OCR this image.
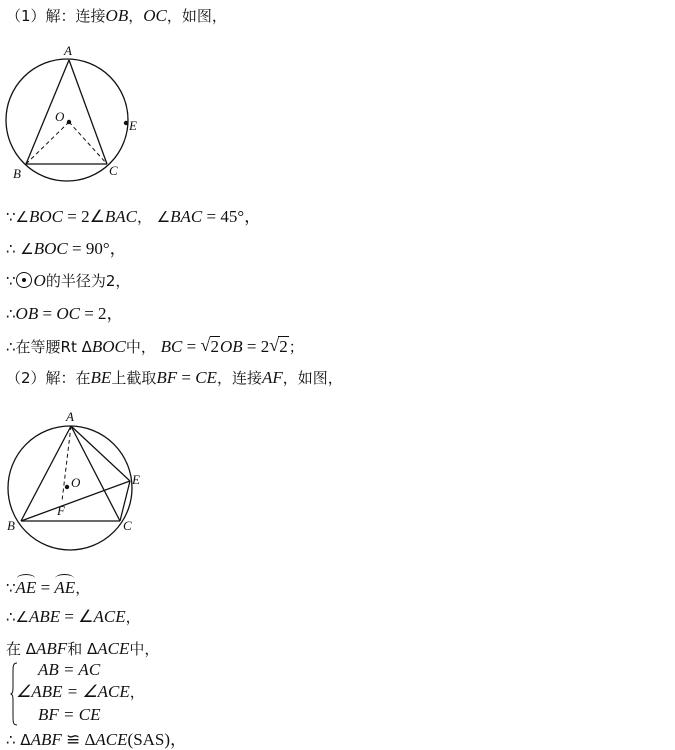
（1）解：连接OB，OC，如图，
A
O
E
B	C
∵∠BOC = 2∠BAC， ∠BAC = 45°，
∴ ∠BOC = 90°，
∵ O的半径为2，
∴OB = OC = 2，
∴在等腰Rt ΔBOC中， BC = √ 2OB = 2√ 2；
（2）解：在BE上截取BF = CE，连接AF，如图，
A
O	E
F
B	C
∵AE = AE，
∴∠ABE = ∠ACE，
在 ΔABF和 ΔACE中，
AB = AC
∠ABE = ∠ACE，
BF = CE
∴ ΔABF ≌ ΔACE(SAS)，
